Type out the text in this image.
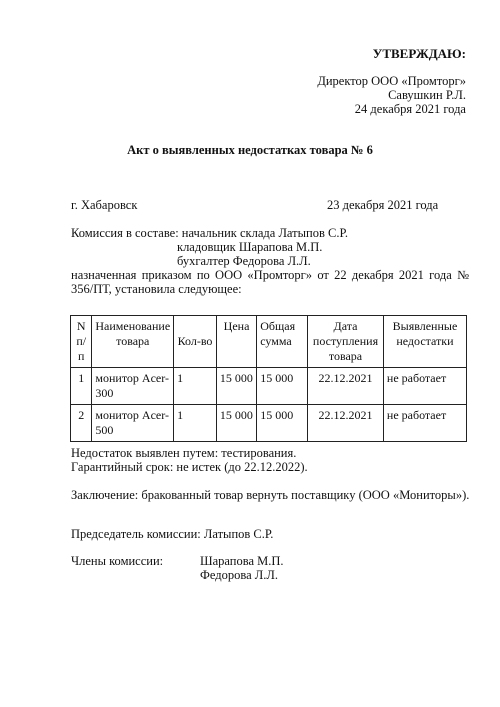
УТВЕРЖДАЮ:
Директор ООО «Промторг»
Савушкин Р.Л.
24 декабря 2021 года
Акт о выявленных недостатках товара № 6
г. Хабаровск	23 декабря 2021 года
Комиссия в составе: начальник склада Латыпов С.Р.
кладовщик Шарапова М.П.
бухгалтер Федорова Л.Л.
назначенная приказом по ООО «Промторг» от 22 декабря 2021 года №
356/ПТ, установила следующее:
N п/п	Наименование товара	Кол-во	Цена	Общая сумма	Дата поступления товара	Выявленные недостатки
1	монитор Acer-300	1	15 000	15 000	22.12.2021	не работает
2	монитор Acer-500	1	15 000	15 000	22.12.2021	не работает
Недостаток выявлен путем: тестирования.
Гарантийный срок: не истек (до 22.12.2022).
Заключение: бракованный товар вернуть поставщику (ООО «Мониторы»).
Председатель комиссии: Латыпов С.Р.
Члены комиссии:	Шарапова М.П.
Федорова Л.Л.
